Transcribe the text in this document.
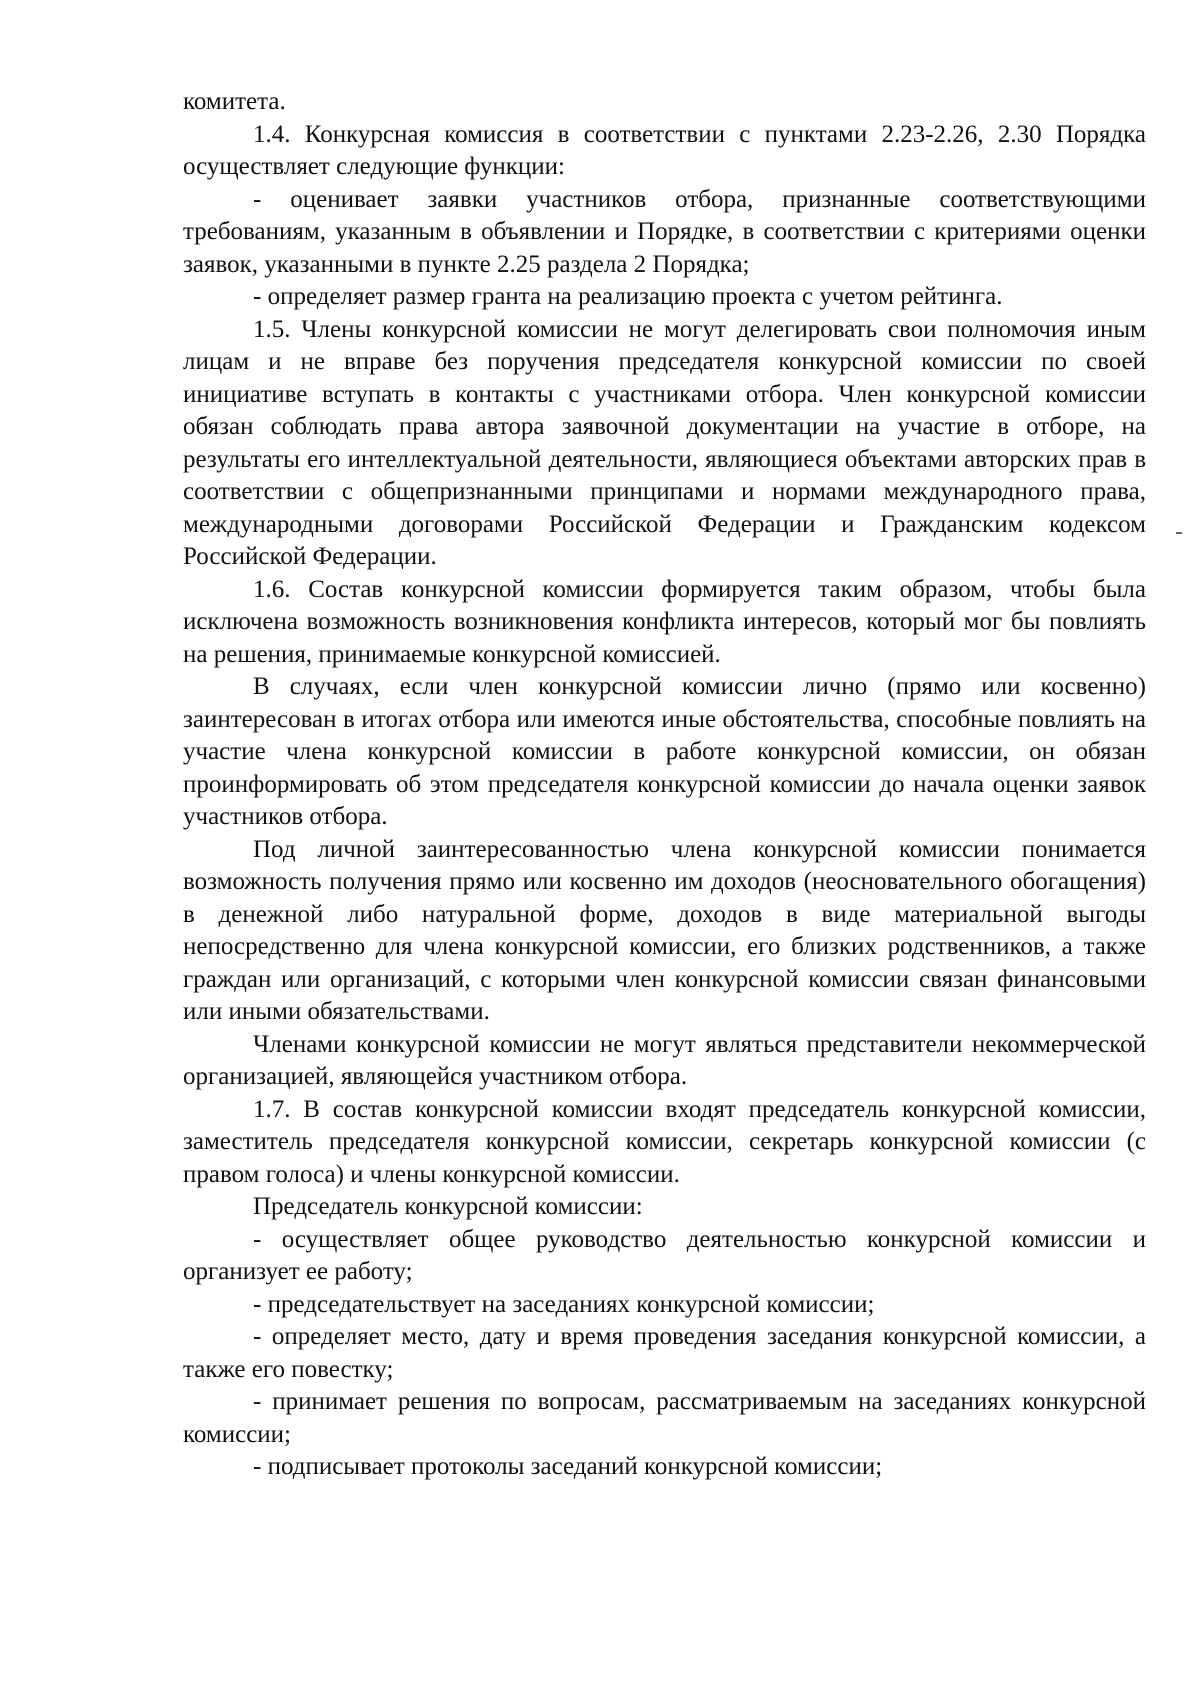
комитета.

1.4. Конкурсная комиссия в соответствии с пунктами 2.23-2.26, 2.30 Порядка осуществляет следующие функции:

- оценивает заявки участников отбора, признанные соответствующими требованиям, указанным в объявлении и Порядке, в соответствии с критериями оценки заявок, указанными в пункте 2.25 раздела 2 Порядка;

- определяет размер гранта на реализацию проекта с учетом рейтинга.

1.5. Члены конкурсной комиссии не могут делегировать свои полномочия иным лицам и не вправе без поручения председателя конкурсной комиссии по своей инициативе вступать в контакты с участниками отбора. Член конкурсной комиссии обязан соблюдать права автора заявочной документации на участие в отборе, на результаты его интеллектуальной деятельности, являющиеся объектами авторских прав в соответствии с общепризнанными принципами и нормами международного права, международными договорами Российской Федерации и Гражданским кодексом Российской Федерации.

1.6. Состав конкурсной комиссии формируется таким образом, чтобы была исключена возможность возникновения конфликта интересов, который мог бы повлиять на решения, принимаемые конкурсной комиссией.

В случаях, если член конкурсной комиссии лично (прямо или косвенно) заинтересован в итогах отбора или имеются иные обстоятельства, способные повлиять на участие члена конкурсной комиссии в работе конкурсной комиссии, он обязан проинформировать об этом председателя конкурсной комиссии до начала оценки заявок участников отбора.

Под личной заинтересованностью члена конкурсной комиссии понимается возможность получения прямо или косвенно им доходов (неосновательного обогащения) в денежной либо натуральной форме, доходов в виде материальной выгоды непосредственно для члена конкурсной комиссии, его близких родственников, а также граждан или организаций, с которыми член конкурсной комиссии связан финансовыми или иными обязательствами.

Членами конкурсной комиссии не могут являться представители некоммерческой организацией, являющейся участником отбора.

1.7. В состав конкурсной комиссии входят председатель конкурсной комиссии, заместитель председателя конкурсной комиссии, секретарь конкурсной комиссии (с правом голоса) и члены конкурсной комиссии.

Председатель конкурсной комиссии:

- осуществляет общее руководство деятельностью конкурсной комиссии и организует ее работу;

- председательствует на заседаниях конкурсной комиссии;

- определяет место, дату и время проведения заседания конкурсной комиссии, а также его повестку;

- принимает решения по вопросам, рассматриваемым на заседаниях конкурсной комиссии;

- подписывает протоколы заседаний конкурсной комиссии;
